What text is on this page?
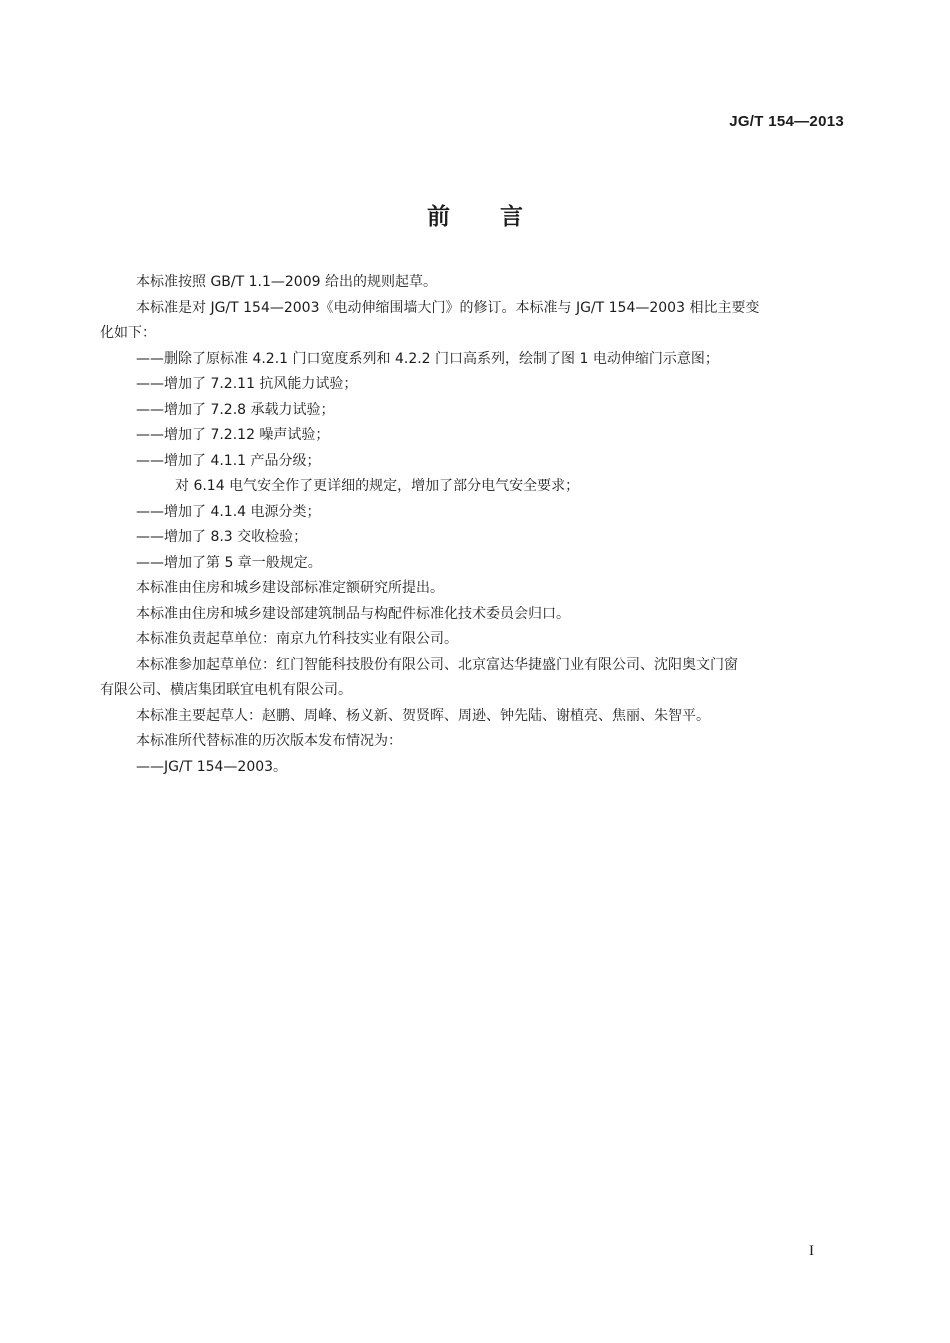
JG/T 154—2013
前言
本标准按照 GB/T 1.1—2009 给出的规则起草。
本标准是对 JG/T 154—2003《电动伸缩围墙大门》的修订。本标准与 JG/T 154—2003 相比主要变
化如下：
——删除了原标准 4.2.1 门口宽度系列和 4.2.2 门口高系列，绘制了图 1 电动伸缩门示意图；
——增加了 7.2.11 抗风能力试验；
——增加了 7.2.8 承载力试验；
——增加了 7.2.12 噪声试验；
——增加了 4.1.1 产品分级；
对 6.14 电气安全作了更详细的规定，增加了部分电气安全要求；
——增加了 4.1.4 电源分类；
——增加了 8.3 交收检验；
——增加了第 5 章一般规定。
本标准由住房和城乡建设部标准定额研究所提出。
本标准由住房和城乡建设部建筑制品与构配件标准化技术委员会归口。
本标准负责起草单位：南京九竹科技实业有限公司。
本标准参加起草单位：红门智能科技股份有限公司、北京富达华捷盛门业有限公司、沈阳奥文门窗
有限公司、横店集团联宜电机有限公司。
本标准主要起草人：赵鹏、周峰、杨义新、贺贤晖、周逊、钟先陆、谢植亮、焦丽、朱智平。
本标准所代替标准的历次版本发布情况为：
——JG/T 154—2003。
I
